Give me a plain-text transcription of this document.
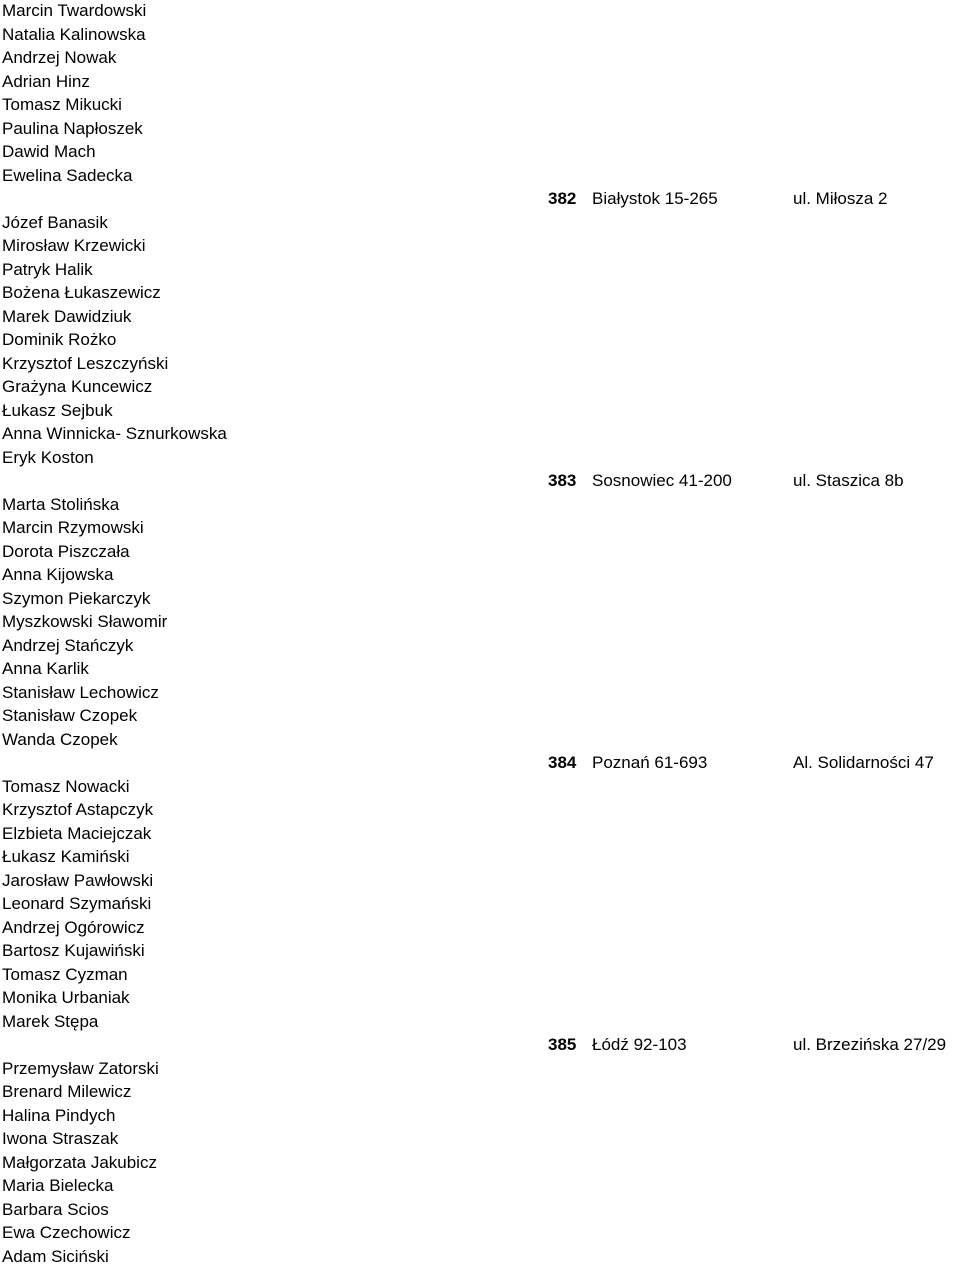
Marcin Twardowski

Natalia Kalinowska

Andrzej Nowak

Adrian Hinz

Tomasz Mikucki

Paulina Napłoszek

Dawid Mach

Ewelina Sadecka

382 Białystok 15-265	ul. Miłosza 2

Józef Banasik

Mirosław Krzewicki

Patryk Halik

Bożena Łukaszewicz

Marek Dawidziuk

Dominik Rożko

Krzysztof Leszczyński

Grażyna Kuncewicz

Łukasz Sejbuk

Anna Winnicka- Sznurkowska

Eryk Koston

383 Sosnowiec 41-200	ul. Staszica 8b

Marta Stolińska

Marcin Rzymowski

Dorota Piszczała

Anna Kijowska

Szymon Piekarczyk

Myszkowski Sławomir

Andrzej Stańczyk

Anna Karlik

Stanisław Lechowicz

Stanisław Czopek

Wanda Czopek

384 Poznań 61-693	Al. Solidarności 47

Tomasz Nowacki

Krzysztof Astapczyk

Elzbieta Maciejczak

Łukasz Kamiński

Jarosław Pawłowski

Leonard Szymański

Andrzej Ogórowicz

Bartosz Kujawiński

Tomasz Cyzman

Monika Urbaniak

Marek Stępa

385 Łódź 92-103	ul. Brzezińska 27/29

Przemysław Zatorski

Brenard Milewicz

Halina Pindych

Iwona Straszak

Małgorzata Jakubicz

Maria Bielecka

Barbara Scios

Ewa Czechowicz

Adam Siciński
